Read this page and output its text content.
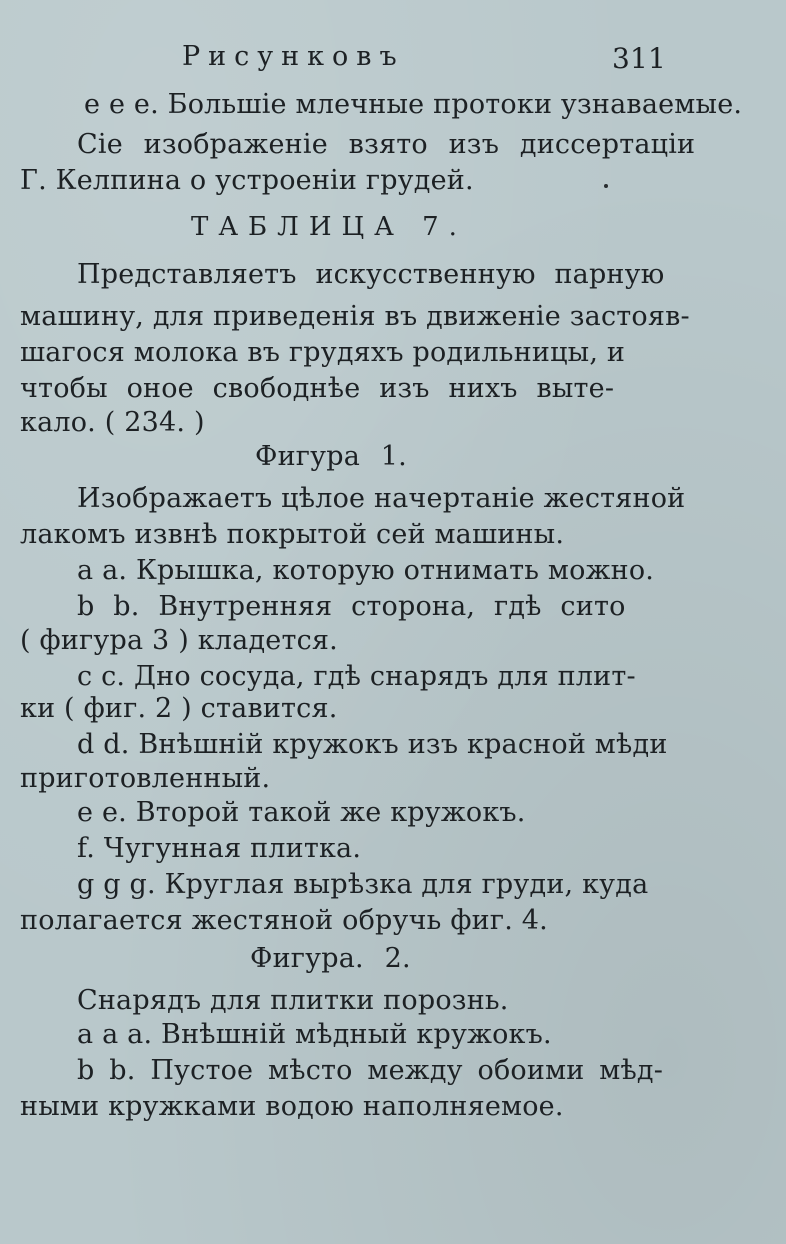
Рисунковъ	311
е е е. Большіе млечные протоки узнаваемые.
Сіе изображеніе взято изъ диссертаціи
Г. Келпина о устроеніи грудей.
ТАБЛИЦА 7.
Представляетъ искусственную парную
машину, для приведенія въ движеніе застояв-
шагося молока въ грудяхъ родильницы, и
чтобы оное свободнѣе изъ нихъ выте-
кало. ( 234. )
Фигура 1.
Изображаетъ цѣлое начертаніе жестяной
лакомъ извнѣ покрытой сей машины.
а а. Крышка, которую отнимать можно.
b b. Внутренняя сторона, гдѣ сито
( фигура 3 ) кладется.
с с. Дно сосуда, гдѣ снарядъ для плит-
ки ( фиг. 2 ) ставится.
d d. Внѣшній кружокъ изъ красной мѣди
приготовленный.
е е. Второй такой же кружокъ.
f. Чугунная плитка.
g g g. Круглая вырѣзка для груди, куда
полагается жестяной обручь фиг. 4.
Фигура. 2.
Снарядъ для плитки порознь.
а а а. Внѣшній мѣдный кружокъ.
b b. Пустое мѣсто между обоими мѣд-
ными кружками водою наполняемое.
